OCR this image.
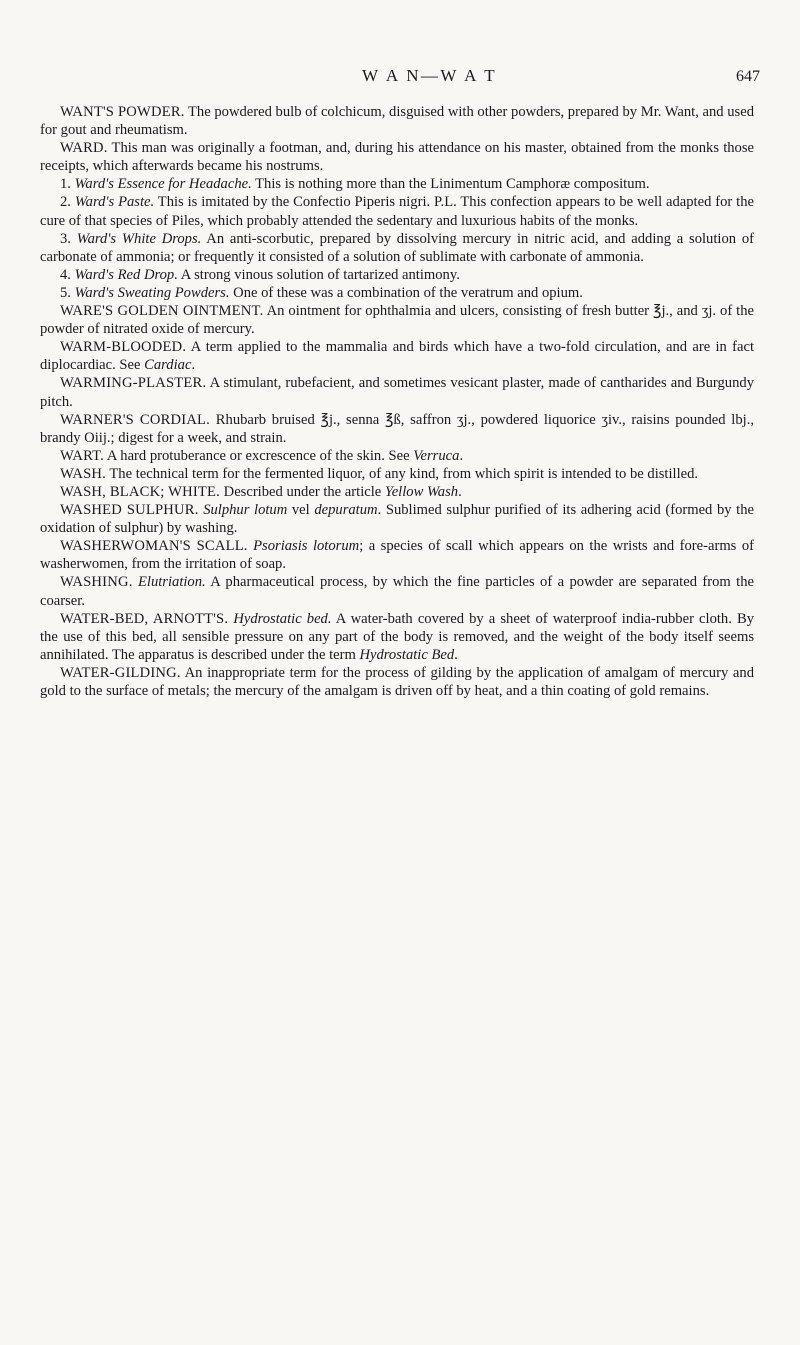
W A N—W A T	647

WANT'S POWDER. The powdered bulb of colchicum, disguised with other powders, prepared by Mr. Want, and used for gout and rheumatism.

WARD. This man was originally a footman, and, during his attendance on his master, obtained from the monks those receipts, which afterwards became his nostrums.

1. Ward's Essence for Headache. This is nothing more than the Linimentum Camphoræ compositum.

2. Ward's Paste. This is imitated by the Confectio Piperis nigri. P.L. This confection appears to be well adapted for the cure of that species of Piles, which probably attended the sedentary and luxurious habits of the monks.

3. Ward's White Drops. An anti-scorbutic, prepared by dissolving mercury in nitric acid, and adding a solution of carbonate of ammonia; or frequently it consisted of a solution of sublimate with carbonate of ammonia.

4. Ward's Red Drop. A strong vinous solution of tartarized antimony.

5. Ward's Sweating Powders. One of these was a combination of the veratrum and opium.

WARE'S GOLDEN OINTMENT. An ointment for ophthalmia and ulcers, consisting of fresh butter ℥j., and ʒj. of the powder of nitrated oxide of mercury.

WARM-BLOODED. A term applied to the mammalia and birds which have a two-fold circulation, and are in fact diplocardiac. See Cardiac.

WARMING-PLASTER. A stimulant, rubefacient, and sometimes vesicant plaster, made of cantharides and Burgundy pitch.

WARNER'S CORDIAL. Rhubarb bruised ℥j., senna ℥ß, saffron ʒj., powdered liquorice ʒiv., raisins pounded lbj., brandy Oiij.; digest for a week, and strain.

WART. A hard protuberance or excrescence of the skin. See Verruca.

WASH. The technical term for the fermented liquor, of any kind, from which spirit is intended to be distilled.

WASH, BLACK; WHITE. Described under the article Yellow Wash.

WASHED SULPHUR. Sulphur lotum vel depuratum. Sublimed sulphur purified of its adhering acid (formed by the oxidation of sulphur) by washing.

WASHERWOMAN'S SCALL. Psoriasis lotorum; a species of scall which appears on the wrists and fore-arms of washerwomen, from the irritation of soap.

WASHING. Elutriation. A pharmaceutical process, by which the fine particles of a powder are separated from the coarser.

WATER-BED, ARNOTT'S. Hydrostatic bed. A water-bath covered by a sheet of waterproof india-rubber cloth. By the use of this bed, all sensible pressure on any part of the body is removed, and the weight of the body itself seems annihilated. The apparatus is described under the term Hydrostatic Bed.

WATER-GILDING. An inappropriate term for the process of gilding by the application of amalgam of mercury and gold to the surface of metals; the mercury of the amalgam is driven off by heat, and a thin coating of gold remains.
